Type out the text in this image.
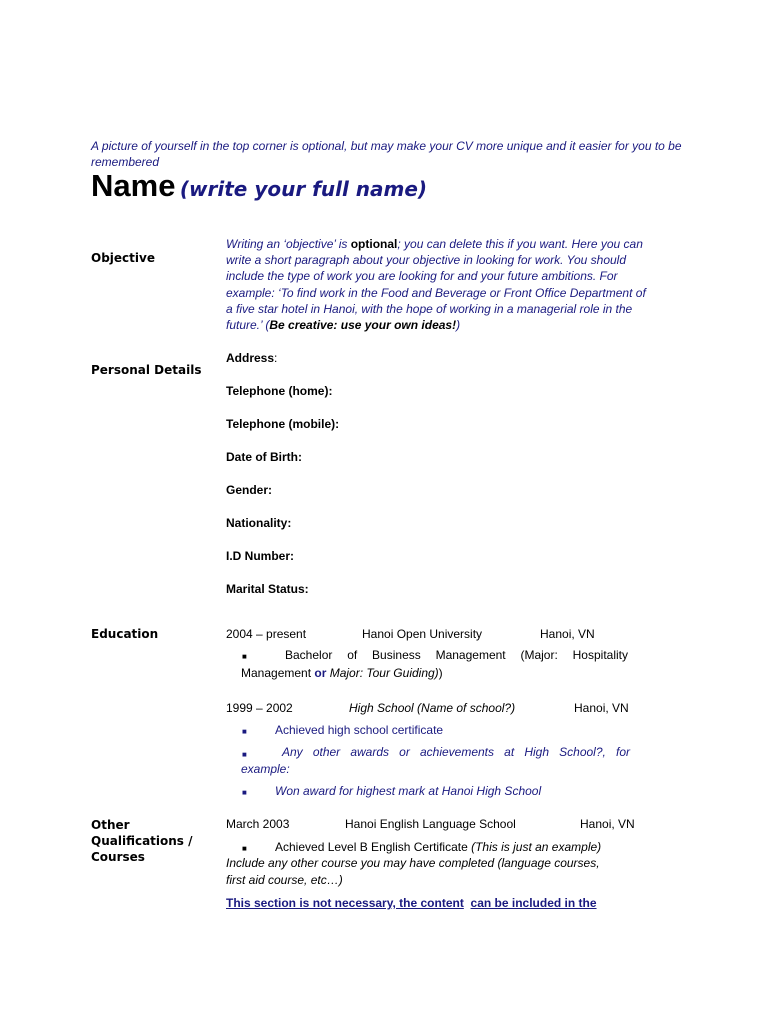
A picture of yourself in the top corner is optional, but may make your CV more unique and it easier for you to be remembered
Name (write your full name)
Objective
Writing an ‘objective’ is optional; you can delete this if you want. Here you can write a short paragraph about your objective in looking for work. You should include the type of work you are looking for and your future ambitions. For example: ‘To find work in the Food and Beverage or Front Office Department of a five star hotel in Hanoi, with the hope of working in a managerial role in the future.’ (Be creative: use your own ideas!)
Personal Details
Address:
Telephone (home):
Telephone (mobile):
Date of Birth:
Gender:
Nationality:
I.D Number:
Marital Status:
Education	2004 – present	Hanoi Open University	Hanoi, VN
■	Bachelor of Business Management (Major: Hospitality
Management or Major: Tour Guiding))
1999 – 2002	High School (Name of school?)	Hanoi, VN
■ Achieved high school certificate
■	Any other awards or achievements at High School?, for
example:
■ Won award for highest mark at Hanoi High School
Other
Qualifications /
Courses
March 2003	Hanoi English Language School	Hanoi, VN
■ Achieved Level B English Certificate (This is just an example)
Include any other course you may have completed (language courses,
first aid course, etc…)
This section is not necessary, the content can be included in the
